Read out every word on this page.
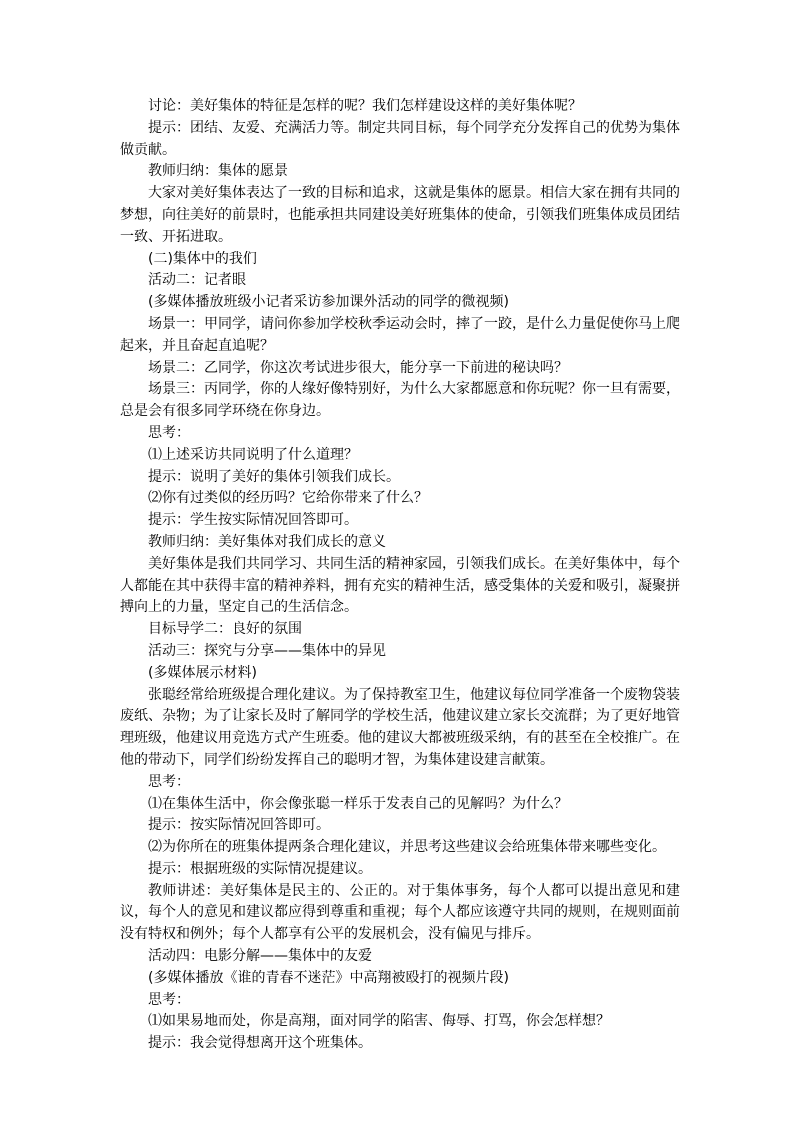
讨论：美好集体的特征是怎样的呢？我们怎样建设这样的美好集体呢？

提示：团结、友爱、充满活力等。制定共同目标，每个同学充分发挥自己的优势为集体做贡献。

教师归纳：集体的愿景

大家对美好集体表达了一致的目标和追求，这就是集体的愿景。相信大家在拥有共同的梦想，向往美好的前景时，也能承担共同建设美好班集体的使命，引领我们班集体成员团结一致、开拓进取。

(二)集体中的我们

活动二：记者眼

(多媒体播放班级小记者采访参加课外活动的同学的微视频)

场景一：甲同学，请问你参加学校秋季运动会时，摔了一跤，是什么力量促使你马上爬起来，并且奋起直追呢？

场景二：乙同学，你这次考试进步很大，能分享一下前进的秘诀吗？

场景三：丙同学，你的人缘好像特别好，为什么大家都愿意和你玩呢？你一旦有需要，总是会有很多同学环绕在你身边。

思考：

⑴上述采访共同说明了什么道理？

提示：说明了美好的集体引领我们成长。

⑵你有过类似的经历吗？它给你带来了什么？

提示：学生按实际情况回答即可。

教师归纳：美好集体对我们成长的意义

美好集体是我们共同学习、共同生活的精神家园，引领我们成长。在美好集体中，每个人都能在其中获得丰富的精神养料，拥有充实的精神生活，感受集体的关爱和吸引，凝聚拼搏向上的力量，坚定自己的生活信念。

目标导学二：良好的氛围

活动三：探究与分享——集体中的异见

(多媒体展示材料)

张聪经常给班级提合理化建议。为了保持教室卫生，他建议每位同学准备一个废物袋装废纸、杂物；为了让家长及时了解同学的学校生活，他建议建立家长交流群；为了更好地管理班级，他建议用竞选方式产生班委。他的建议大都被班级采纳，有的甚至在全校推广。在他的带动下，同学们纷纷发挥自己的聪明才智，为集体建设建言献策。

思考：

⑴在集体生活中，你会像张聪一样乐于发表自己的见解吗？为什么？

提示：按实际情况回答即可。

⑵为你所在的班集体提两条合理化建议，并思考这些建议会给班集体带来哪些变化。

提示：根据班级的实际情况提建议。

教师讲述：美好集体是民主的、公正的。对于集体事务，每个人都可以提出意见和建议，每个人的意见和建议都应得到尊重和重视；每个人都应该遵守共同的规则，在规则面前没有特权和例外；每个人都享有公平的发展机会，没有偏见与排斥。

活动四：电影分解——集体中的友爱

(多媒体播放《谁的青春不迷茫》中高翔被殴打的视频片段)

思考：

⑴如果易地而处，你是高翔，面对同学的陷害、侮辱、打骂，你会怎样想？

提示：我会觉得想离开这个班集体。
